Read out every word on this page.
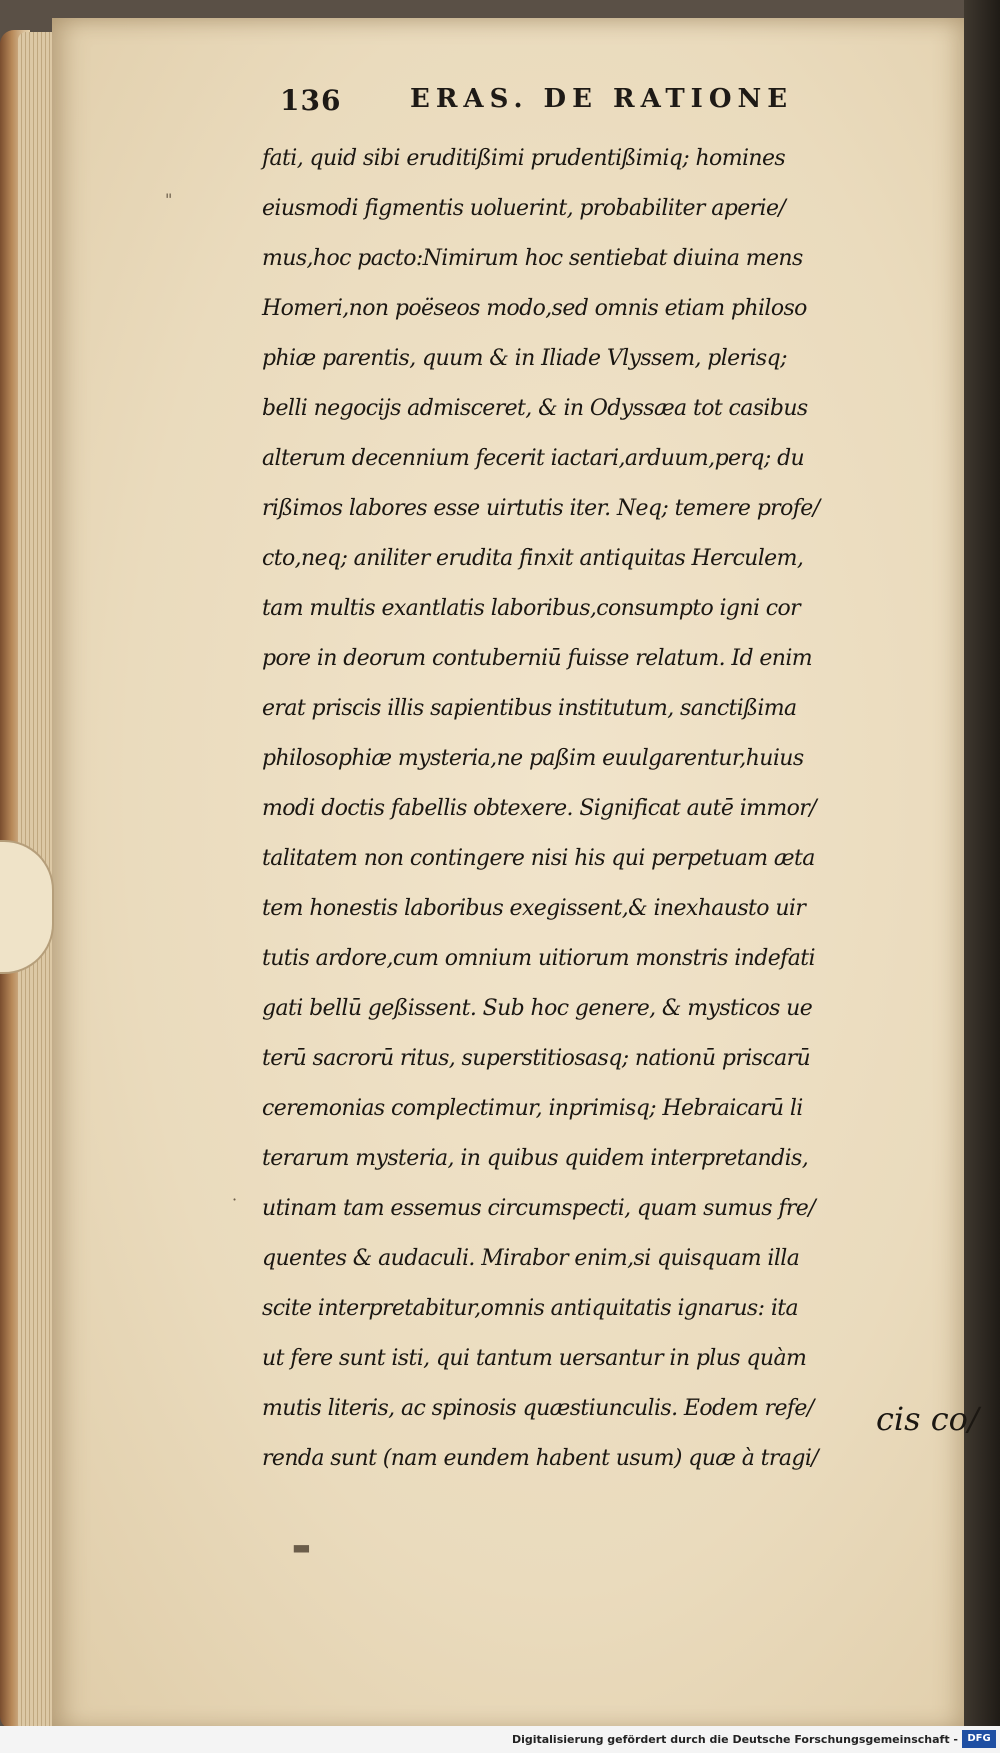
"
·
▬
136	ERAS. DE RATIONE
fati, quid sibi eruditißimi prudentißimiq; homines
eiusmodi figmentis uoluerint, probabiliter aperie/
mus,hoc pacto:Nimirum hoc sentiebat diuina mens
Homeri,non poëseos modo,sed omnis etiam philoso
phiæ parentis, quum & in Iliade Vlyssem, plerisq;
belli negocijs admisceret, & in Odyssæa tot casibus
alterum decennium fecerit iactari,arduum,perq; du
rißimos labores esse uirtutis iter. Neq; temere profe/
cto,neq; aniliter erudita finxit antiquitas Herculem,
tam multis exantlatis laboribus,consumpto igni cor
pore in deorum contuberniū fuisse relatum. Id enim
erat priscis illis sapientibus institutum, sanctißima
philosophiæ mysteria,ne paßim euulgarentur,huius
modi doctis fabellis obtexere. Significat autē immor/
talitatem non contingere nisi his qui perpetuam æta
tem honestis laboribus exegissent,& inexhausto uir
tutis ardore,cum omnium uitiorum monstris indefati
gati bellū geßissent. Sub hoc genere, & mysticos ue
terū sacrorū ritus, superstitiosasq; nationū priscarū
ceremonias complectimur, inprimisq; Hebraicarū li
terarum mysteria, in quibus quidem interpretandis,
utinam tam essemus circumspecti, quam sumus fre/
quentes & audaculi. Mirabor enim,si quisquam illa
scite interpretabitur,omnis antiquitatis ignarus: ita
ut fere sunt isti, qui tantum uersantur in plus quàm
mutis literis, ac spinosis quæstiunculis. Eodem refe/
renda sunt (nam eundem habent usum) quæ à tragi/
cis co/
Digitalisierung gefördert durch die Deutsche Forschungsgemeinschaft - DFG
